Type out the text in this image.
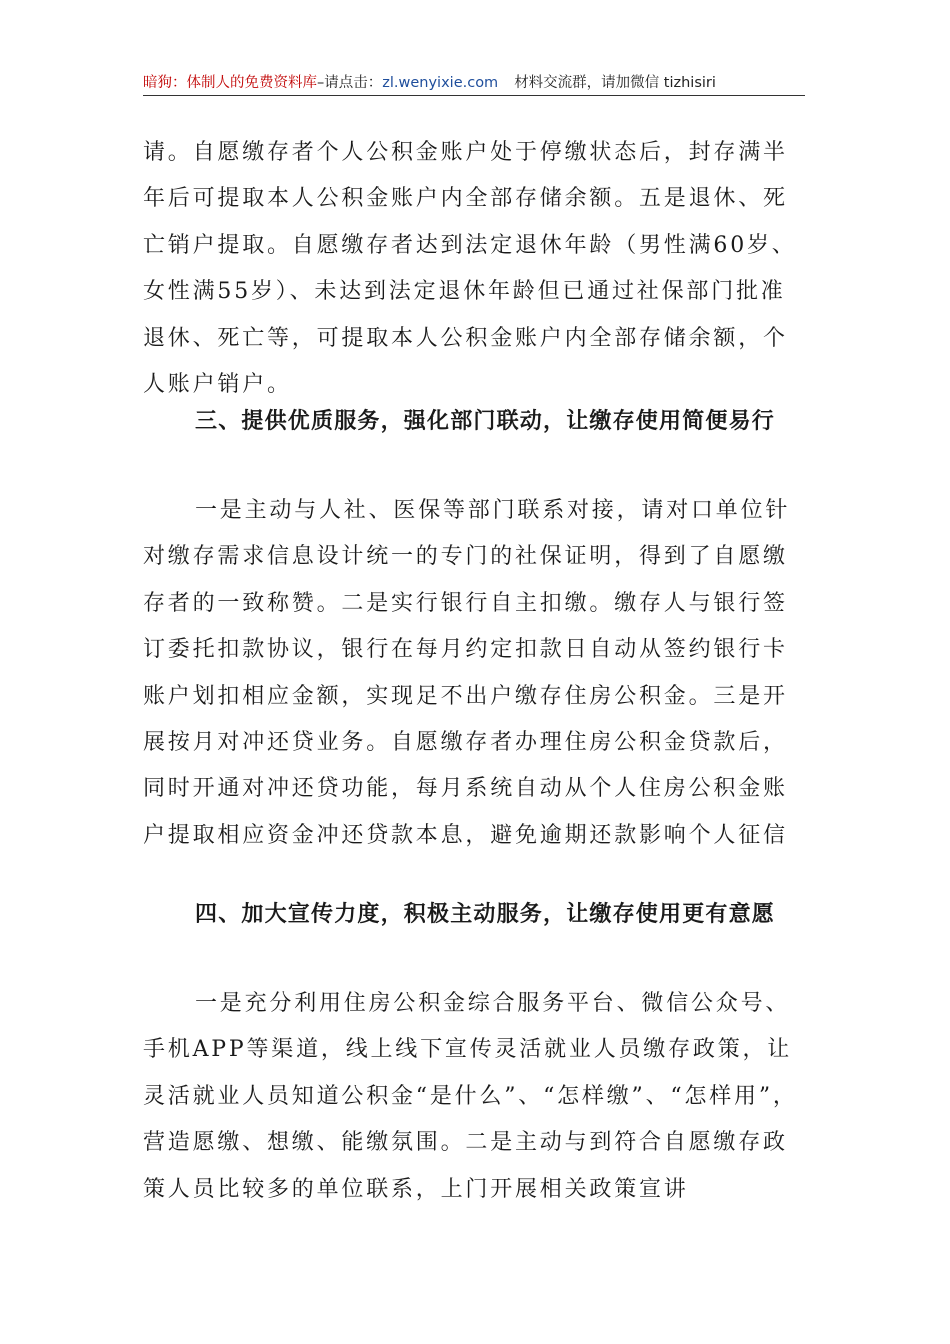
暗狗：体制人的免费资料库–请点击：zl.wenyixie.com 材料交流群，请加微信 tizhisiri

请。自愿缴存者个人公积金账户处于停缴状态后，封存满半年后可提取本人公积金账户内全部存储余额。五是退休、死亡销户提取。自愿缴存者达到法定退休年龄（男性满60岁、女性满55岁）、未达到法定退休年龄但已通过社保部门批准退休、死亡等，可提取本人公积金账户内全部存储余额，个人账户销户。

三、提供优质服务，强化部门联动，让缴存使用简便易行

一是主动与人社、医保等部门联系对接，请对口单位针对缴存需求信息设计统一的专门的社保证明，得到了自愿缴存者的一致称赞。二是实行银行自主扣缴。缴存人与银行签订委托扣款协议，银行在每月约定扣款日自动从签约银行卡账户划扣相应金额，实现足不出户缴存住房公积金。三是开展按月对冲还贷业务。自愿缴存者办理住房公积金贷款后，同时开通对冲还贷功能，每月系统自动从个人住房公积金账户提取相应资金冲还贷款本息，避免逾期还款影响个人征信

四、加大宣传力度，积极主动服务，让缴存使用更有意愿

一是充分利用住房公积金综合服务平台、微信公众号、手机APP等渠道，线上线下宣传灵活就业人员缴存政策，让灵活就业人员知道公积金“是什么”、“怎样缴”、“怎样用”，营造愿缴、想缴、能缴氛围。二是主动与到符合自愿缴存政策人员比较多的单位联系，上门开展相关政策宣讲
